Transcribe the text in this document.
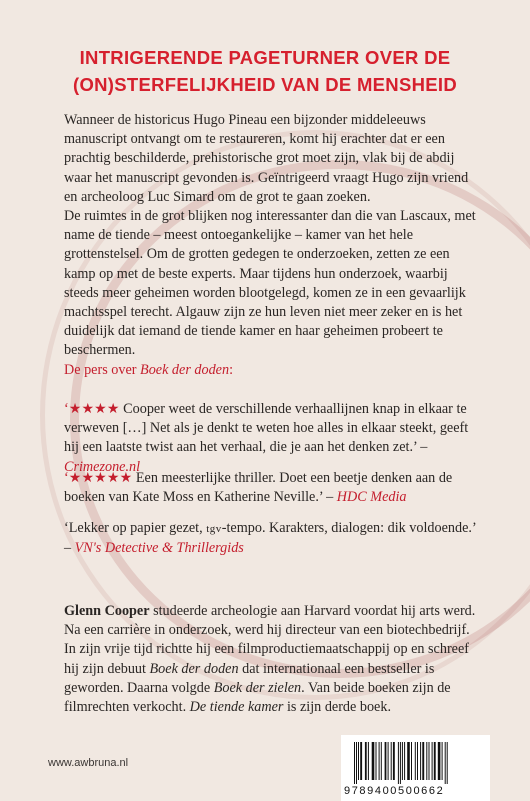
INTRIGERENDE PAGETURNER OVER DE
(ON)STERFELIJKHEID VAN DE MENSHEID

Wanneer de historicus Hugo Pineau een bijzonder middeleeuws manuscript ontvangt om te restaureren, komt hij erachter dat er een prachtig beschilderde, prehistorische grot moet zijn, vlak bij de abdij waar het manuscript gevonden is. Geïntrigeerd vraagt Hugo zijn vriend en archeoloog Luc Simard om de grot te gaan zoeken.

De ruimtes in de grot blijken nog interessanter dan die van Lascaux, met name de tiende – meest ontoegankelijke – kamer van het hele grottenstelsel. Om de grotten gedegen te onderzoeken, zetten ze een kamp op met de beste experts. Maar tijdens hun onderzoek, waarbij steeds meer geheimen worden blootgelegd, komen ze in een gevaarlijk machtsspel terecht. Algauw zijn ze hun leven niet meer zeker en is het duidelijk dat iemand de tiende kamer en haar geheimen probeert te beschermen.

De pers over Boek der doden:
‘★★★★ Cooper weet de verschillende verhaallijnen knap in elkaar te verweven […] Net als je denkt te weten hoe alles in elkaar steekt, geeft hij een laatste twist aan het verhaal, die je aan het denken zet.’ – Crimezone.nl
‘★★★★★ Een meesterlijke thriller. Doet een beetje denken aan de boeken van Kate Moss en Katherine Neville.’ – HDC Media
‘Lekker op papier gezet, tgv-tempo. Karakters, dialogen: dik voldoende.’
– VN's Detective & Thrillergids
Glenn Cooper studeerde archeologie aan Harvard voordat hij arts werd. Na een carrière in onderzoek, werd hij directeur van een biotechbedrijf. In zijn vrije tijd richtte hij een filmproductiemaatschappij op en schreef hij zijn debuut Boek der doden dat internationaal een bestseller is geworden. Daarna volgde Boek der zielen. Van beide boeken zijn de filmrechten verkocht. De tiende kamer is zijn derde boek.
www.awbruna.nl
9789400500662
